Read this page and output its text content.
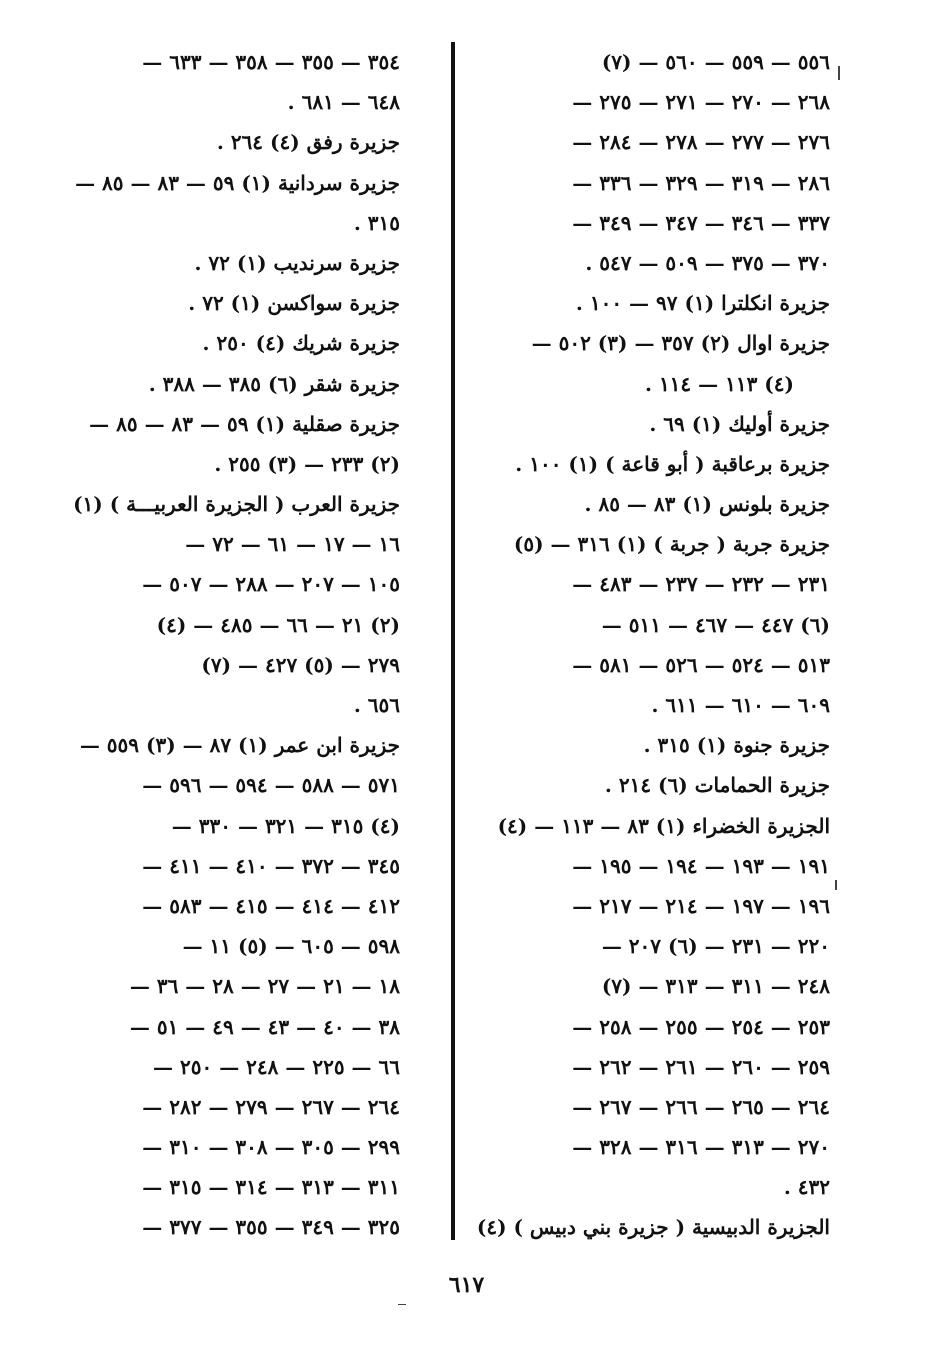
٥٥٦ — ٥٥٩ — ٥٦٠ — (٧)
٢٦٨ — ٢٧٠ — ٢٧١ — ٢٧٥ —
٢٧٦ — ٢٧٧ — ٢٧٨ — ٢٨٤ —
٢٨٦ — ٣١٩ — ٣٢٩ — ٣٣٦ —
٣٣٧ — ٣٤٦ — ٣٤٧ — ٣٤٩ —
٣٧٠ — ٣٧٥ — ٥٠٩ — ٥٤٧ .
جزيرة انكلترا (١) ٩٧ — ١٠٠ .
جزيرة اوال (٢) ٣٥٧ — (٣) ٥٠٢ —
(٤) ١١٣ — ١١٤ .
جزيرة أوليك (١) ٦٩ .
جزيرة برعاقبة ( أبو قاعة ) (١) ١٠٠ .
جزيرة بلونس (١) ٨٣ — ٨٥ .
جزيرة جربة ( جربة ) (١) ٣١٦ — (٥)
٢٣١ — ٢٣٢ — ٢٣٧ — ٤٨٣ —
(٦) ٤٤٧ — ٤٦٧ — ٥١١ —
٥١٣ — ٥٢٤ — ٥٢٦ — ٥٨١ —
٦٠٩ — ٦١٠ — ٦١١ .
جزيرة جنوة (١) ٣١٥ .
جزيرة الحمامات (٦) ٢١٤ .
الجزيرة الخضراء (١) ٨٣ — ١١٣ — (٤)
١٩١ — ١٩٣ — ١٩٤ — ١٩٥ —
١٩٦ — ١٩٧ — ٢١٤ — ٢١٧ —
٢٢٠ — ٢٣١ — (٦) ٢٠٧ —
٢٤٨ — ٣١١ — ٣١٣ — (٧)
٢٥٣ — ٢٥٤ — ٢٥٥ — ٢٥٨ —
٢٥٩ — ٢٦٠ — ٢٦١ — ٢٦٢ —
٢٦٤ — ٢٦٥ — ٢٦٦ — ٢٦٧ —
٢٧٠ — ٣١٣ — ٣١٦ — ٣٢٨ —
٤٣٢ .
الجزيرة الدبيسية ( جزيرة بني دبيس ) (٤)
٣٥٤ — ٣٥٥ — ٣٥٨ — ٦٣٣ —
٦٤٨ — ٦٨١ .
جزيرة رفق (٤) ٢٦٤ .
جزيرة سردانية (١) ٥٩ — ٨٣ — ٨٥ —
٣١٥ .
جزيرة سرنديب (١) ٧٢ .
جزيرة سواكسن (١) ٧٢ .
جزيرة شريك (٤) ٢٥٠ .
جزيرة شقر (٦) ٣٨٥ — ٣٨٨ .
جزيرة صقلية (١) ٥٩ — ٨٣ — ٨٥ —
(٢) ٢٣٣ — (٣) ٢٥٥ .
جزيرة العرب ( الجزيرة العربيـــة ) (١)
١٦ — ١٧ — ٦١ — ٧٢ —
١٠٥ — ٢٠٧ — ٢٨٨ — ٥٠٧ —
(٢) ٢١ — ٦٦ — ٤٨٥ — (٤)
٢٧٩ — (٥) ٤٢٧ — (٧)
٦٥٦ .
جزيرة ابن عمر (١) ٨٧ — (٣) ٥٥٩ —
٥٧١ — ٥٨٨ — ٥٩٤ — ٥٩٦ —
(٤) ٣١٥ — ٣٢١ — ٣٣٠ —
٣٤٥ — ٣٧٢ — ٤١٠ — ٤١١ —
٤١٢ — ٤١٤ — ٤١٥ — ٥٨٣ —
٥٩٨ — ٦٠٥ — (٥) ١١ —
١٨ — ٢١ — ٢٧ — ٢٨ — ٣٦ —
٣٨ — ٤٠ — ٤٣ — ٤٩ — ٥١ —
٦٦ — ٢٢٥ — ٢٤٨ — ٢٥٠ —
٢٦٤ — ٢٦٧ — ٢٧٩ — ٢٨٢ —
٢٩٩ — ٣٠٥ — ٣٠٨ — ٣١٠ —
٣١١ — ٣١٣ — ٣١٤ — ٣١٥ —
٣٢٥ — ٣٤٩ — ٣٥٥ — ٣٧٧ —
٦١٧
